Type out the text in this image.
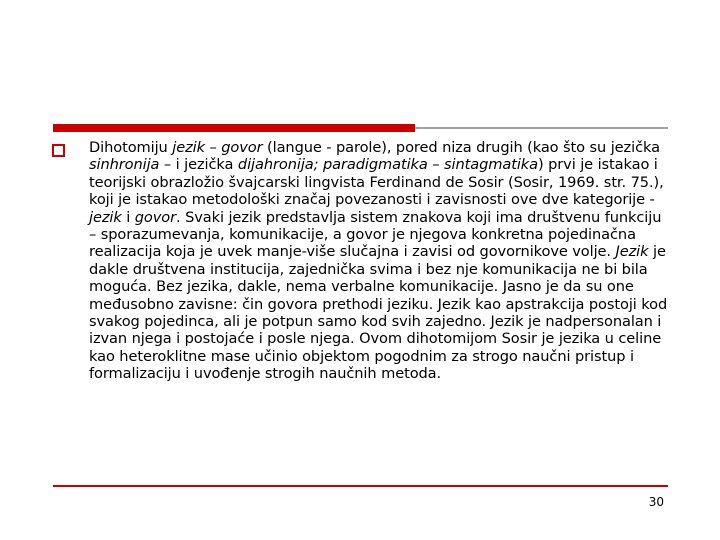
Dihotomiju jezik – govor (langue - parole), pored niza drugih (kao što su jezička sinhronija – i jezička dijahronija; paradigmatika – sintagmatika) prvi je istakao i teorijski obrazložio švajcarski lingvista Ferdinand de Sosir (Sosir, 1969. str. 75.), koji je istakao metodološki značaj povezanosti i zavisnosti ove dve kategorije - jezik i govor. Svaki jezik predstavlja sistem znakova koji ima društvenu funkciju – sporazumevanja, komunikacije, a govor je njegova konkretna pojedinačna realizacija koja je uvek manje-više slučajna i zavisi od govornikove volje. Jezik je dakle društvena institucija, zajednička svima i bez nje komunikacija ne bi bila moguća. Bez jezika, dakle, nema verbalne komunikacije. Jasno je da su one međusobno zavisne: čin govora prethodi jeziku. Jezik kao apstrakcija postoji kod svakog pojedinca, ali je potpun samo kod svih zajedno. Jezik je nadpersonalan i izvan njega i postojaće i posle njega. Ovom dihotomijom Sosir je jezika u celine kao heteroklitne mase učinio objektom pogodnim za strogo naučni pristup i formalizaciju i uvođenje strogih naučnih metoda.
30
